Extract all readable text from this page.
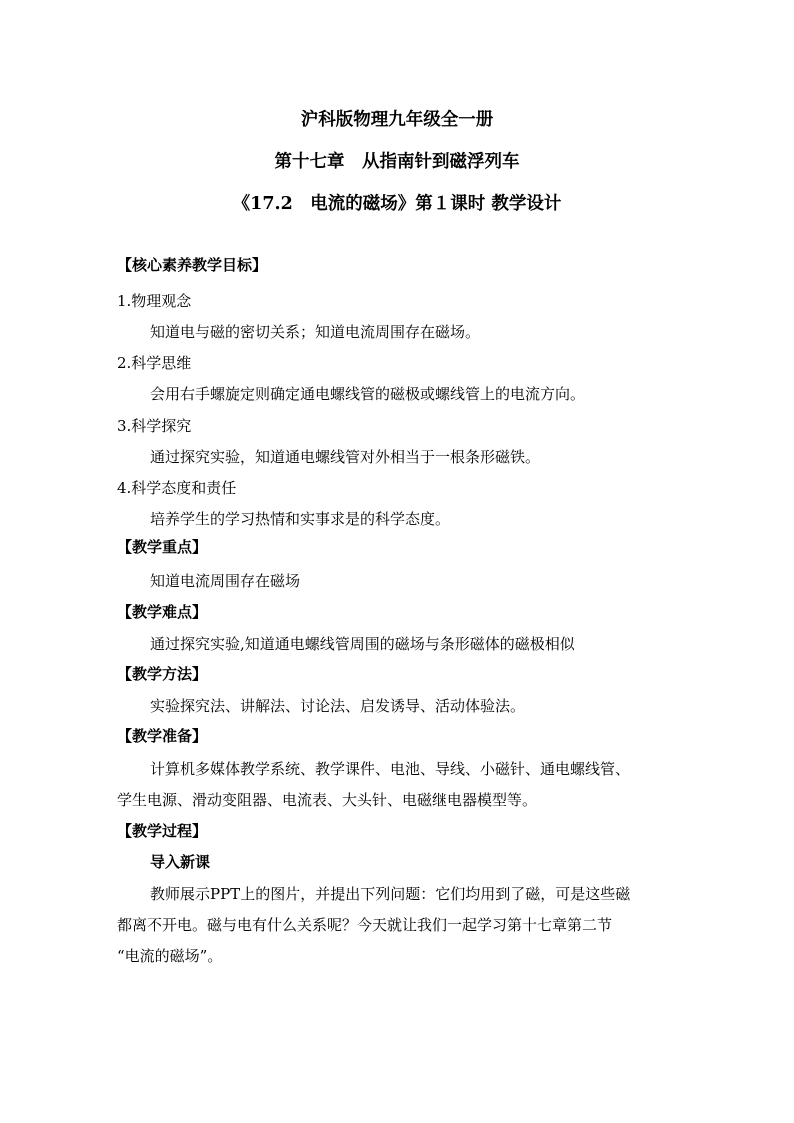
沪科版物理九年级全一册
第十七章　从指南针到磁浮列车
《17.2　电流的磁场》第１课时 教学设计
【核心素养教学目标】
1.物理观念
知道电与磁的密切关系；知道电流周围存在磁场。
2.科学思维
会用右手螺旋定则确定通电螺线管的磁极或螺线管上的电流方向。
3.科学探究
通过探究实验，知道通电螺线管对外相当于一根条形磁铁。
4.科学态度和责任
培养学生的学习热情和实事求是的科学态度。
【教学重点】
知道电流周围存在磁场
【教学难点】
通过探究实验,知道通电螺线管周围的磁场与条形磁体的磁极相似
【教学方法】
实验探究法、讲解法、讨论法、启发诱导、活动体验法。
【教学准备】
计算机多媒体教学系统、教学课件、电池、导线、小磁针、通电螺线管、
学生电源、滑动变阻器、电流表、大头针、电磁继电器模型等。
【教学过程】
导入新课
教师展示PPT上的图片，并提出下列问题：它们均用到了磁，可是这些磁
都离不开电。磁与电有什么关系呢？今天就让我们一起学习第十七章第二节
“电流的磁场”。
